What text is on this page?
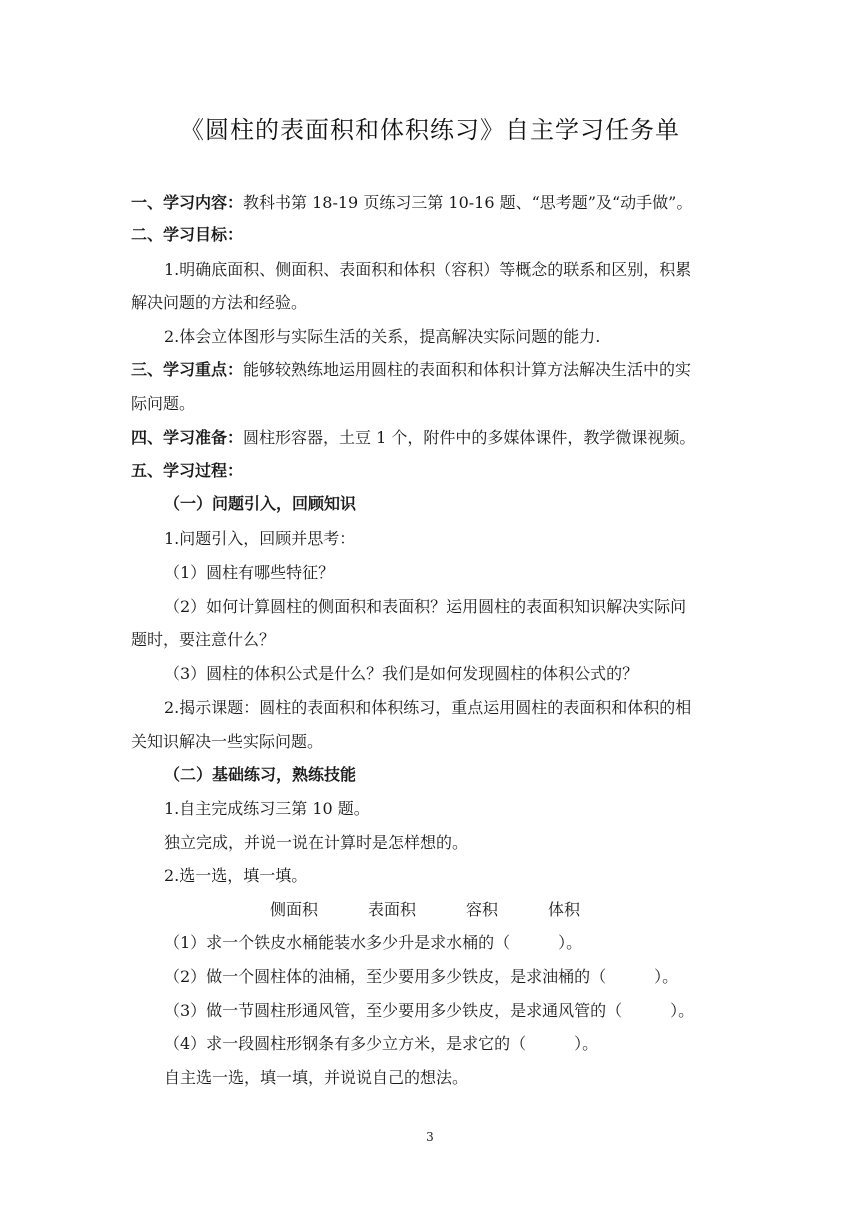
《圆柱的表面积和体积练习》自主学习任务单
一、学习内容：教科书第 18-19 页练习三第 10-16 题、“思考题”及“动手做”。
二、学习目标：
1.明确底面积、侧面积、表面积和体积（容积）等概念的联系和区别，积累
解决问题的方法和经验。
2.体会立体图形与实际生活的关系，提高解决实际问题的能力.
三、学习重点：能够较熟练地运用圆柱的表面积和体积计算方法解决生活中的实
际问题。
四、学习准备：圆柱形容器，土豆 1 个，附件中的多媒体课件，教学微课视频。
五、学习过程：
（一）问题引入，回顾知识
1.问题引入，回顾并思考：
（1）圆柱有哪些特征？
（2）如何计算圆柱的侧面积和表面积？运用圆柱的表面积知识解决实际问
题时，要注意什么？
（3）圆柱的体积公式是什么？我们是如何发现圆柱的体积公式的？
2.揭示课题：圆柱的表面积和体积练习，重点运用圆柱的表面积和体积的相
关知识解决一些实际问题。
（二）基础练习，熟练技能
1.自主完成练习三第 10 题。
独立完成，并说一说在计算时是怎样想的。
2.选一选，填一填。
侧面积	表面积	容积	体积
（1）求一个铁皮水桶能装水多少升是求水桶的（　　　）。
（2）做一个圆柱体的油桶，至少要用多少铁皮，是求油桶的（　　　）。
（3）做一节圆柱形通风管，至少要用多少铁皮，是求通风管的（　　　）。
（4）求一段圆柱形钢条有多少立方米，是求它的（　　　）。
自主选一选，填一填，并说说自己的想法。
3
